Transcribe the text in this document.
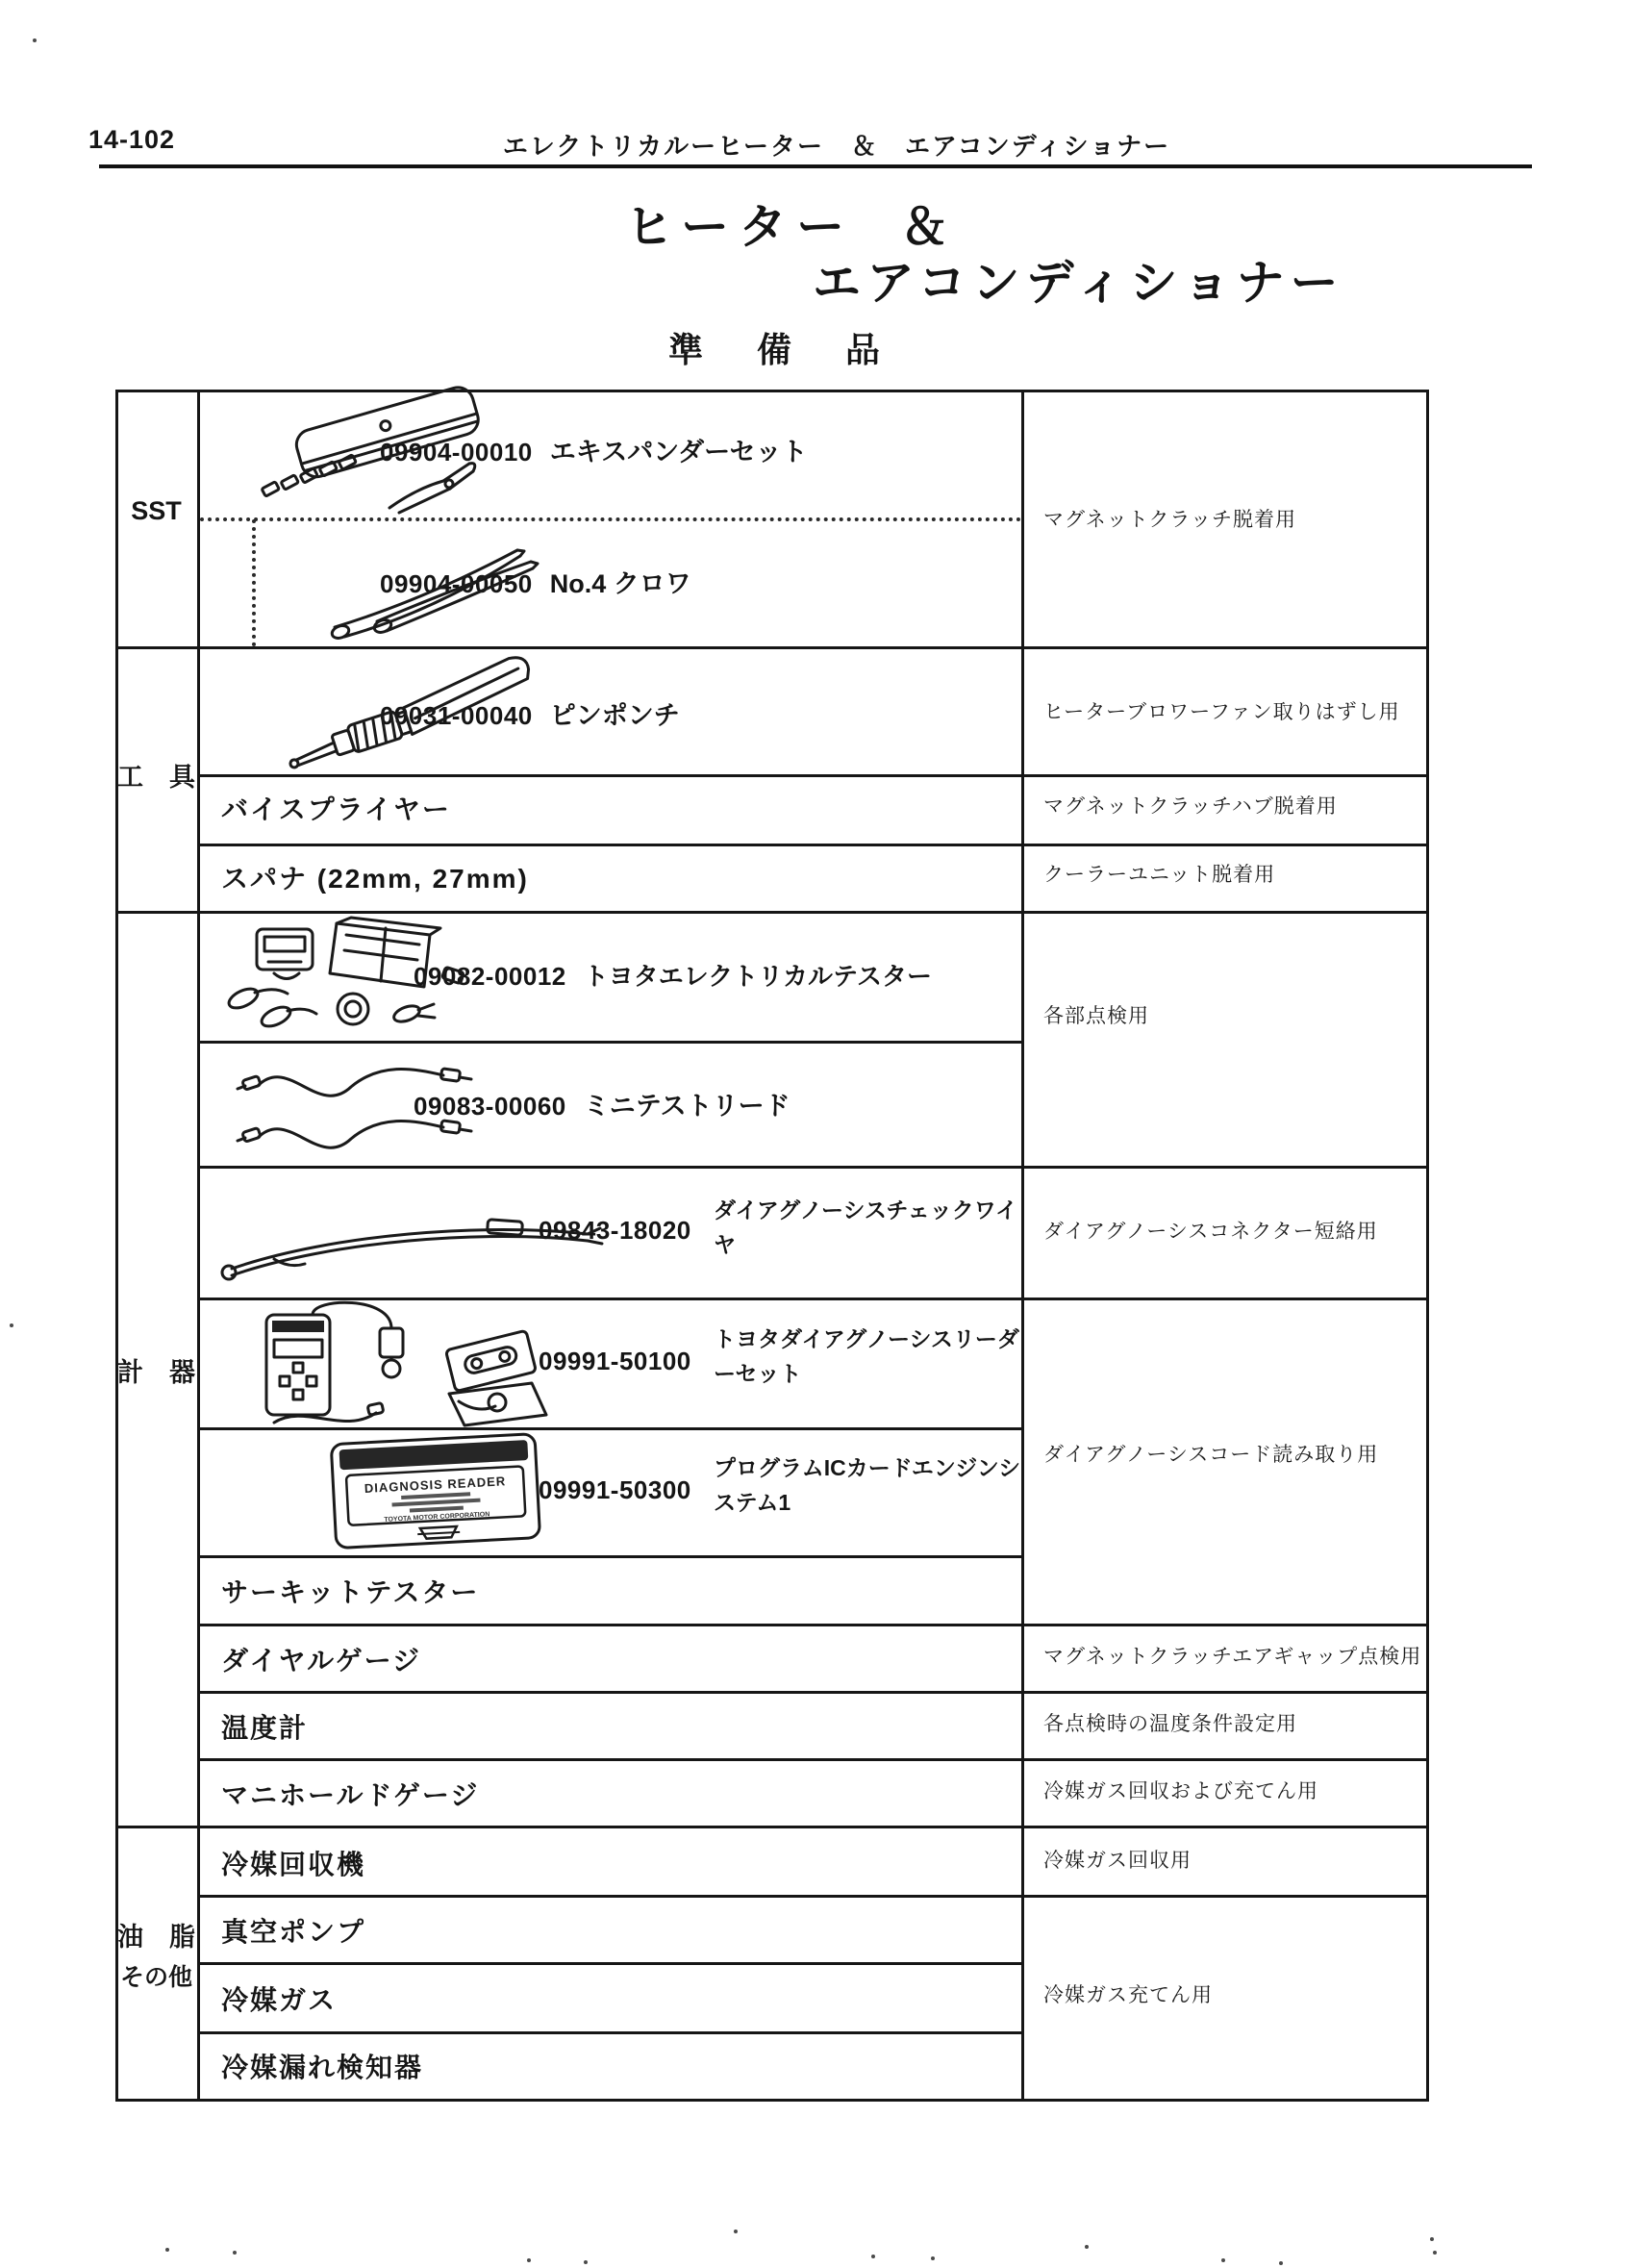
14-102	エレクトリカルーヒーター　＆　エアコンディショナー
ヒーター ＆
エアコンディショナー
準　備　品
SST
工　具
計　器
油　脂
その他
09904-00010 エキスパンダーセット
09904-00050 No.4 クロワ
マグネットクラッチ脱着用
09031-00040 ピンポンチ
バイスプライヤー
スパナ (22mm, 27mm)
ヒーターブロワーファン取りはずし用
マグネットクラッチハブ脱着用
クーラーユニット脱着用
09082-00012 トヨタエレクトリカルテスター
09083-00060 ミニテストリード
09843-18020
ダイアグノーシスチェックワイヤ
09991-50100
トヨタダイアグノーシスリーダーセット
09991-50300
プログラムICカードエンジンシステム1
サーキットテスター
ダイヤルゲージ
温度計
マニホールドゲージ
各部点検用
ダイアグノーシスコネクター短絡用
ダイアグノーシスコード読み取り用
マグネットクラッチエアギャップ点検用
各点検時の温度条件設定用
冷媒ガス回収および充てん用
冷媒回収機
真空ポンプ
冷媒ガス
冷媒漏れ検知器
冷媒ガス回収用
冷媒ガス充てん用
DIAGNOSIS READER
TOYOTA MOTOR CORPORATION
